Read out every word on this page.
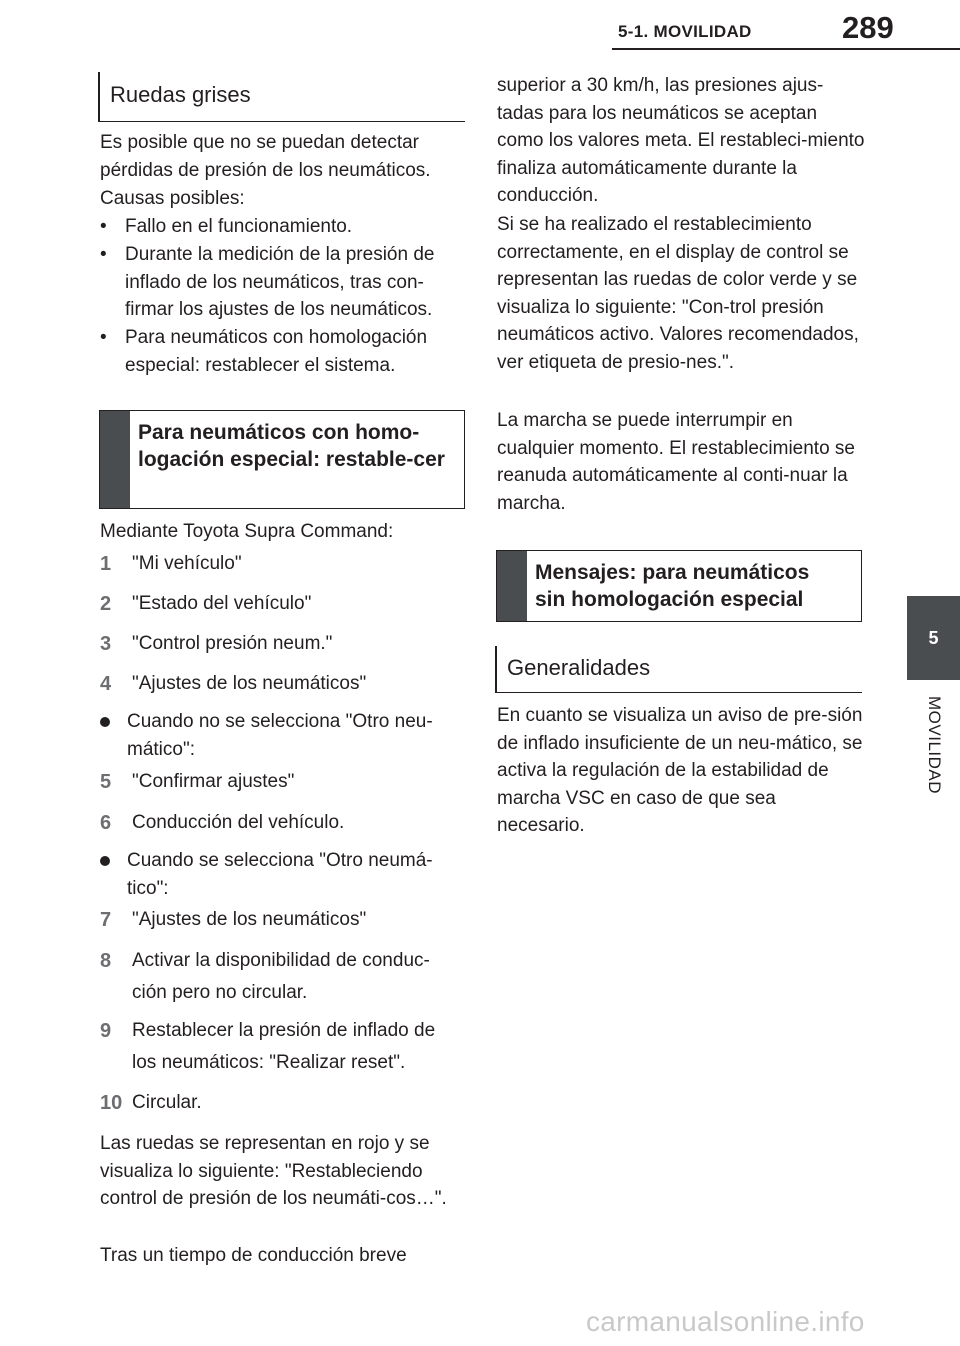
5-1. MOVILIDAD	289
5
MOVILIDAD
Ruedas grises

Es posible que no se puedan detectar pérdidas de presión de los neumáticos.

Causas posibles:

• Fallo en el funcionamiento.
• Durante la medición de la presión de inflado de los neumáticos, tras con-firmar los ajustes de los neumáticos.
• Para neumáticos con homologación especial: restablecer el sistema.
Para neumáticos con homo-logación especial: restable-cer

Mediante Toyota Supra Command:

1 "Mi vehículo"
2 "Estado del vehículo"
3 "Control presión neum."
4 "Ajustes de los neumáticos"
Cuando no se selecciona "Otro neu-mático":
5 "Confirmar ajustes"
6 Conducción del vehículo.
Cuando se selecciona "Otro neumá-tico":
7 "Ajustes de los neumáticos"
8 Activar la disponibilidad de conduc-
ción pero no circular.
9 Restablecer la presión de inflado de
los neumáticos: "Realizar reset".
10 Circular.

Las ruedas se representan en rojo y se visualiza lo siguiente: "Restableciendo control de presión de los neumáti-cos…".

Tras un tiempo de conducción breve

superior a 30 km/h, las presiones ajus-tadas para los neumáticos se aceptan como los valores meta. El restableci-miento finaliza automáticamente durante la conducción.

Si se ha realizado el restablecimiento correctamente, en el display de control se representan las ruedas de color verde y se visualiza lo siguiente: "Con-trol presión neumáticos activo. Valores recomendados, ver etiqueta de presio-nes.".

La marcha se puede interrumpir en cualquier momento. El restablecimiento se reanuda automáticamente al conti-nuar la marcha.

Mensajes: para neumáticos sin homologación especial
Generalidades

En cuanto se visualiza un aviso de pre-sión de inflado insuficiente de un neu-mático, se activa la regulación de la estabilidad de marcha VSC en caso de que sea necesario.

carmanualsonline.info
